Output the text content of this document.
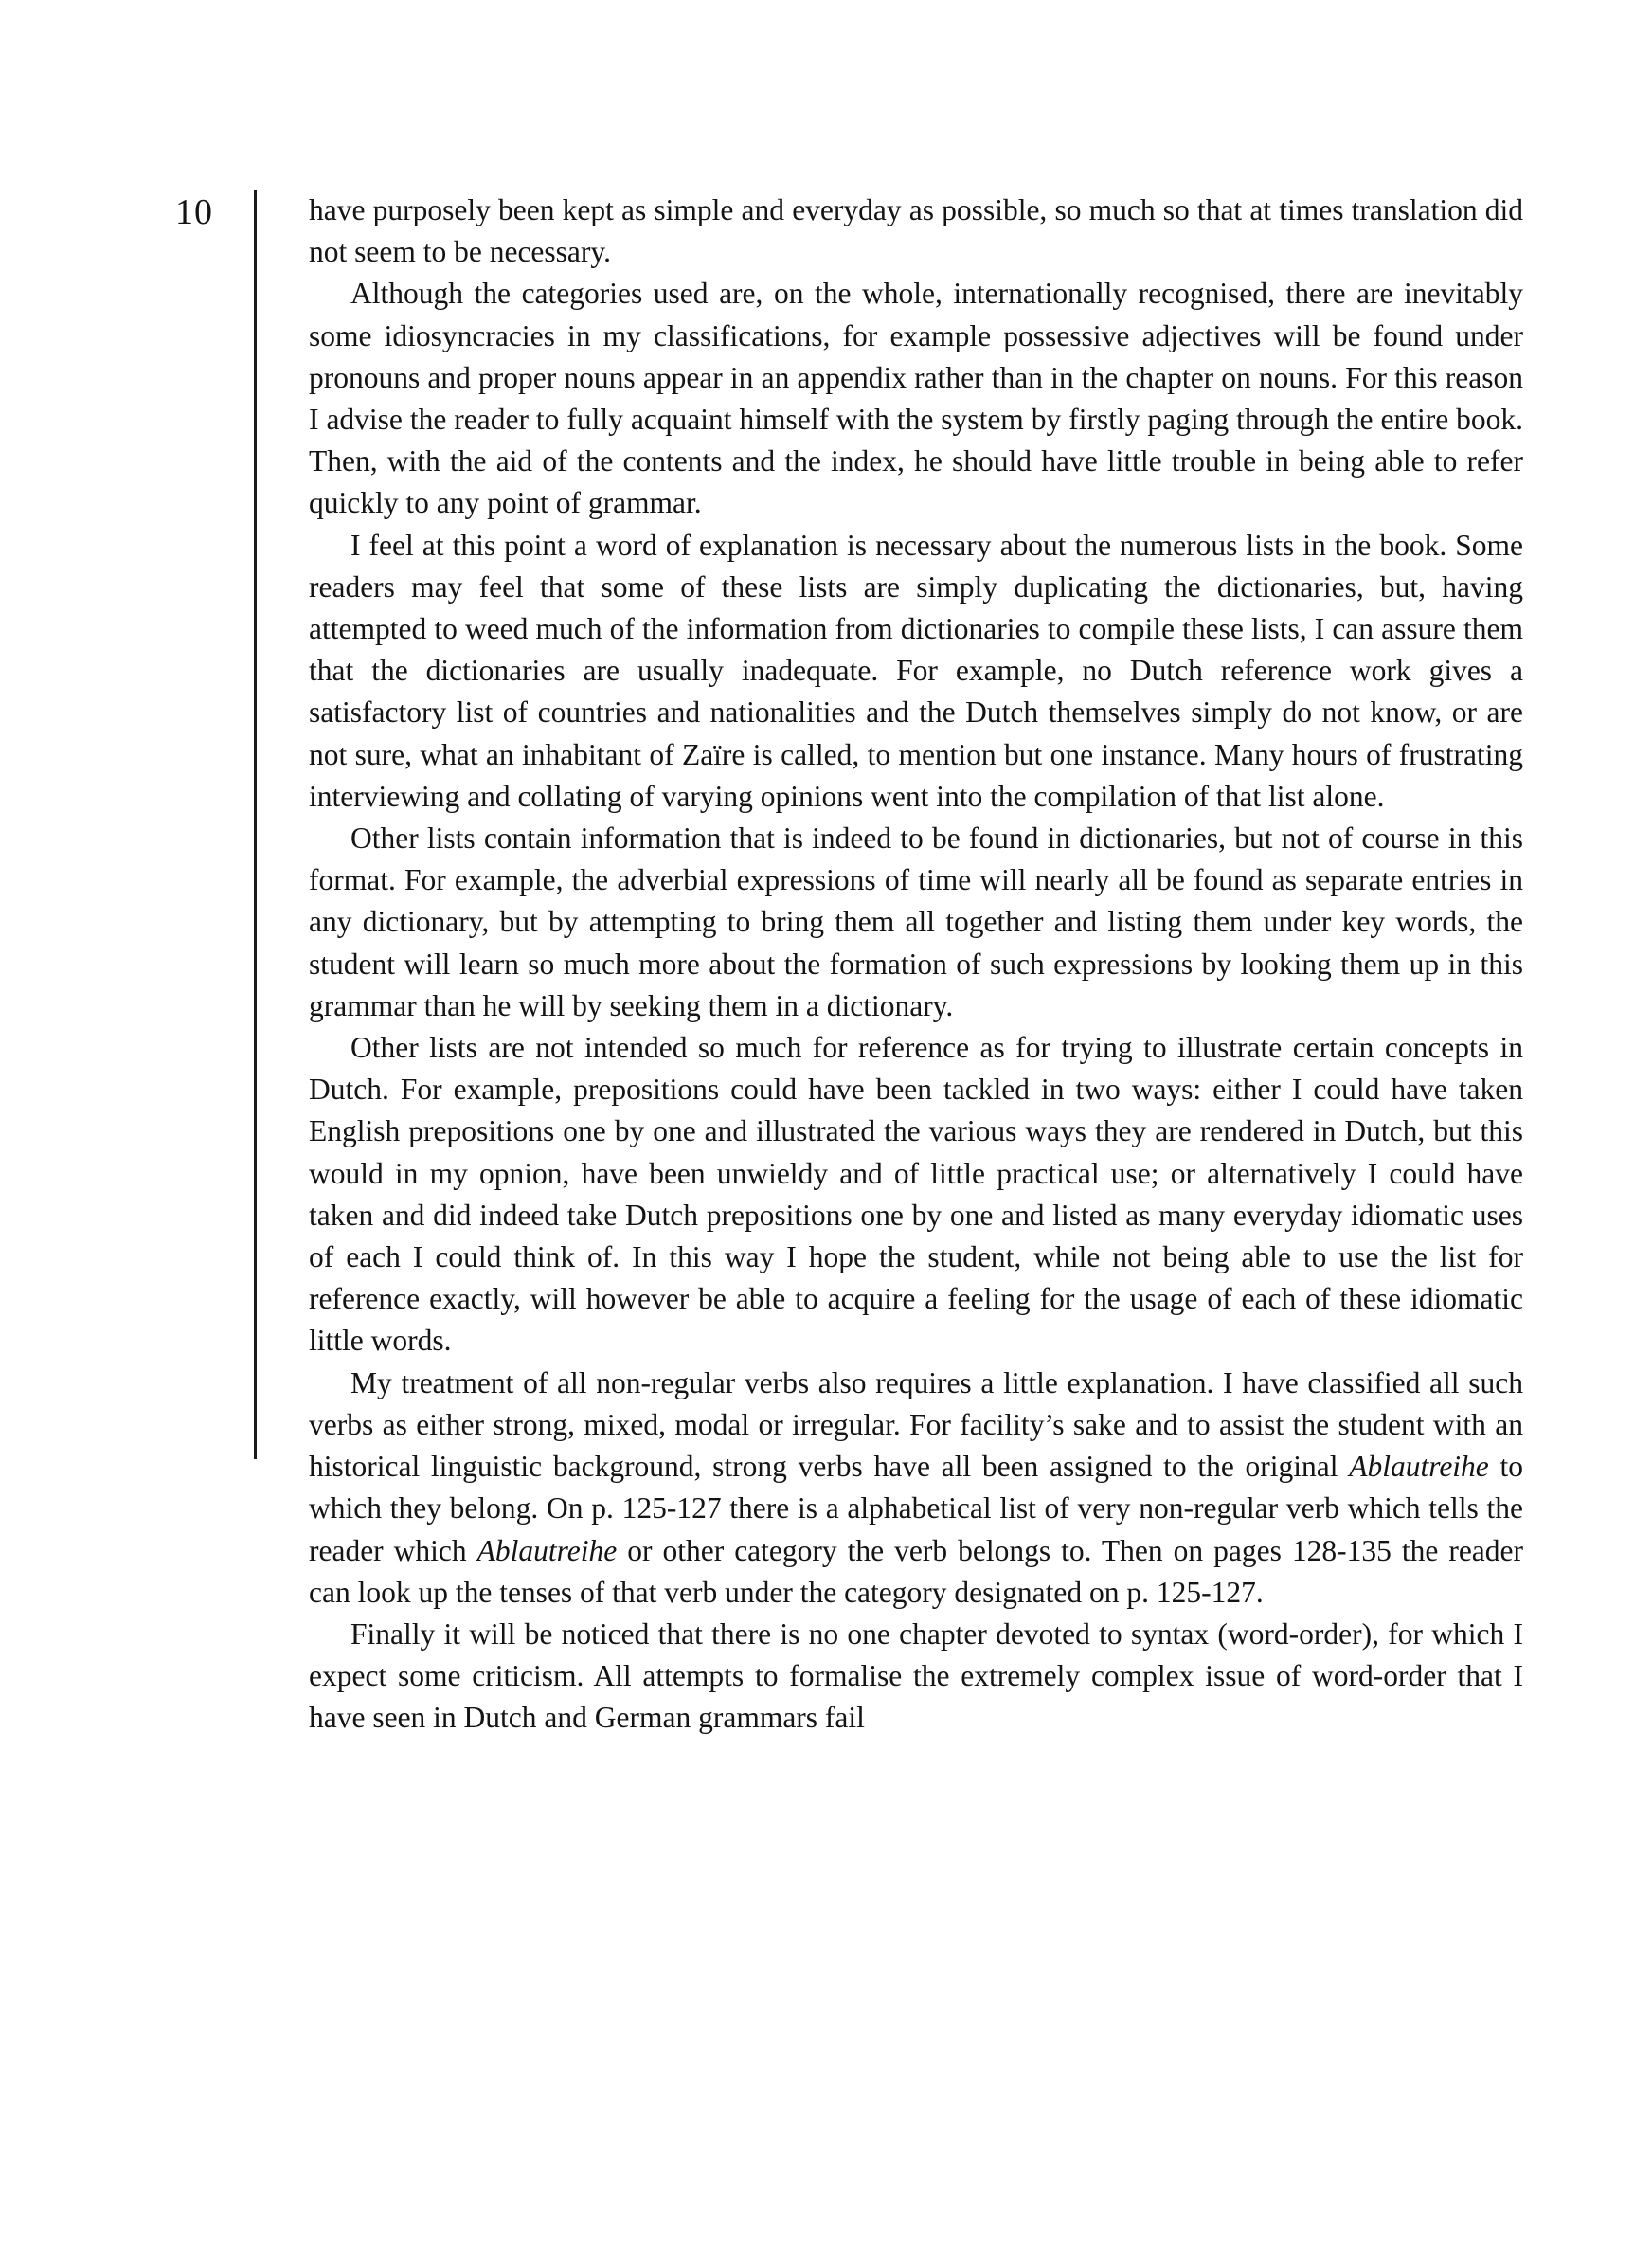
10	have purposely been kept as simple and everyday as possible, so much so that at times translation did not seem to be necessary.

Although the categories used are, on the whole, internationally recognised, there are inevitably some idiosyncracies in my classifications, for example possessive adjectives will be found under pronouns and proper nouns appear in an appendix rather than in the chapter on nouns. For this reason I advise the reader to fully acquaint himself with the system by firstly paging through the entire book. Then, with the aid of the contents and the index, he should have little trouble in being able to refer quickly to any point of grammar.

I feel at this point a word of explanation is necessary about the numerous lists in the book. Some readers may feel that some of these lists are simply duplicating the dictionaries, but, having attempted to weed much of the information from dictionaries to compile these lists, I can assure them that the dictionaries are usually inadequate. For example, no Dutch reference work gives a satisfactory list of countries and nationalities and the Dutch themselves simply do not know, or are not sure, what an inhabitant of Zaïre is called, to mention but one instance. Many hours of frustrating interviewing and collating of varying opinions went into the compilation of that list alone.

Other lists contain information that is indeed to be found in dictionaries, but not of course in this format. For example, the adverbial expressions of time will nearly all be found as separate entries in any dictionary, but by attempting to bring them all together and listing them under key words, the student will learn so much more about the formation of such expressions by looking them up in this grammar than he will by seeking them in a dictionary.

Other lists are not intended so much for reference as for trying to illustrate certain concepts in Dutch. For example, prepositions could have been tackled in two ways: either I could have taken English prepositions one by one and illustrated the various ways they are rendered in Dutch, but this would in my opnion, have been unwieldy and of little practical use; or alternatively I could have taken and did indeed take Dutch prepositions one by one and listed as many everyday idiomatic uses of each I could think of. In this way I hope the student, while not being able to use the list for reference exactly, will however be able to acquire a feeling for the usage of each of these idiomatic little words.

My treatment of all non-regular verbs also requires a little explanation. I have classified all such verbs as either strong, mixed, modal or irregular. For facility’s sake and to assist the student with an historical linguistic background, strong verbs have all been assigned to the original Ablautreihe to which they belong. On p. 125-127 there is a alphabetical list of very non-regular verb which tells the reader which Ablautreihe or other category the verb belongs to. Then on pages 128-135 the reader can look up the tenses of that verb under the category designated on p. 125-127.

Finally it will be noticed that there is no one chapter devoted to syntax (word-order), for which I expect some criticism. All attempts to formalise the extremely complex issue of word-order that I have seen in Dutch and German grammars fail
